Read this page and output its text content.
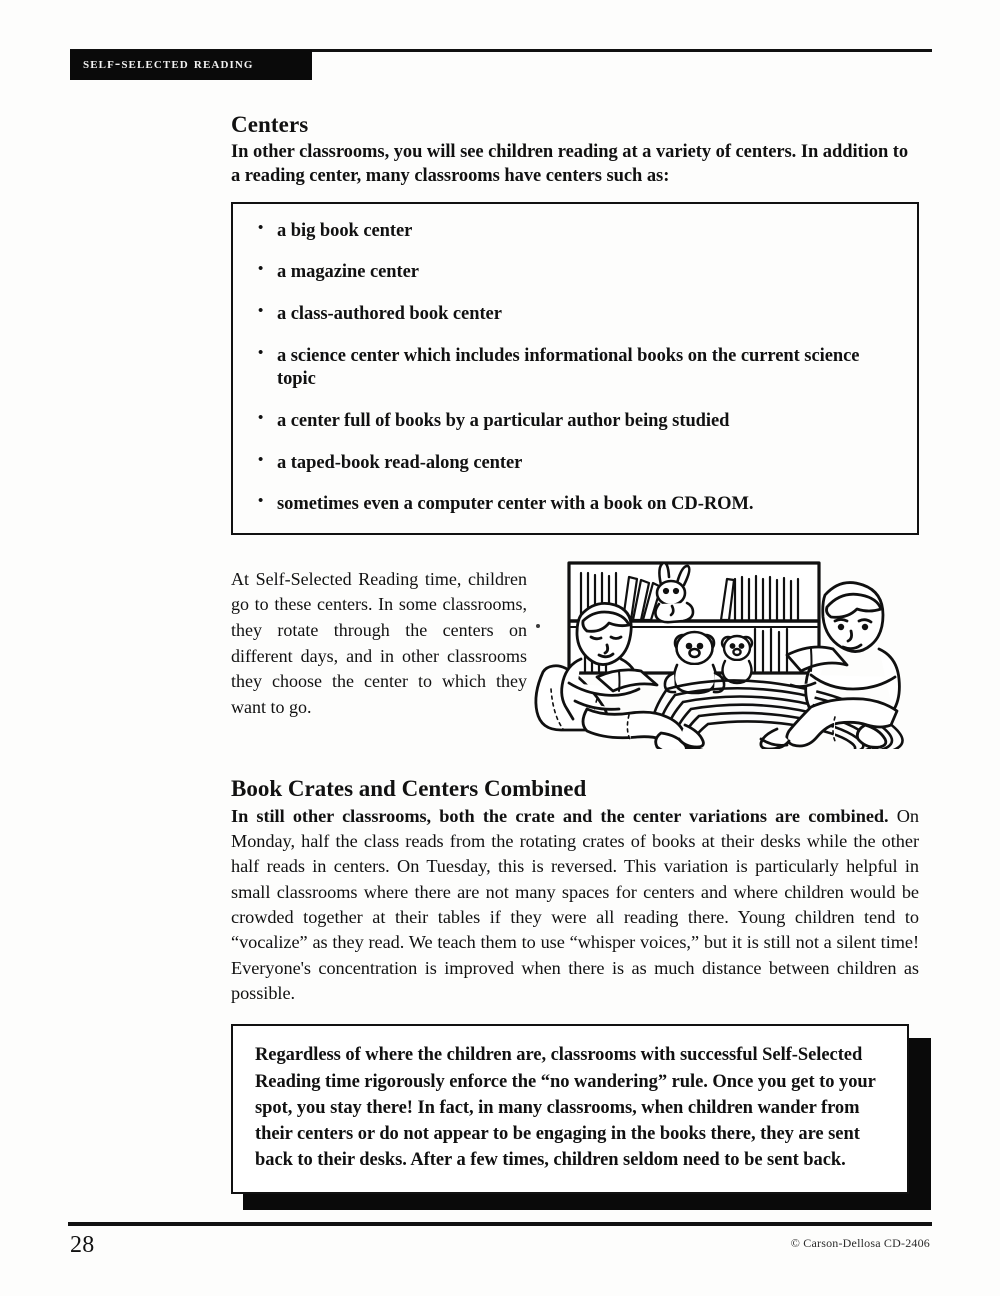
self-selected reading
Centers

In other classrooms, you will see children reading at a variety of centers. In addition to a reading center, many classrooms have centers such as:

• a big book center
• a magazine center
• a class-authored book center
• a science center which includes informational books on the current science topic
• a center full of books by a particular author being studied
• a taped-book read-along center
• sometimes even a computer center with a book on CD-ROM.

At Self-Selected Reading time, children go to these centers. In some classrooms, they rotate through the centers on different days, and in other classrooms they choose the center to which they want to go.

Book Crates and Centers Combined

In still other classrooms, both the crate and the center variations are combined. On Monday, half the class reads from the rotating crates of books at their desks while the other half reads in centers. On Tuesday, this is reversed. This variation is particularly helpful in small classrooms where there are not many spaces for centers and where children would be crowded together at their tables if they were all reading there. Young children tend to “vocalize” as they read. We teach them to use “whisper voices,” but it is still not a silent time! Everyone's concentration is improved when there is as much distance between children as possible.

Regardless of where the children are, classrooms with successful Self-Selected Reading time rigorously enforce the “no wandering” rule. Once you get to your spot, you stay there! In fact, in many classrooms, when children wander from their centers or do not appear to be engaging in the books there, they are sent back to their desks. After a few times, children seldom need to be sent back.

28	© Carson-Dellosa CD-2406
